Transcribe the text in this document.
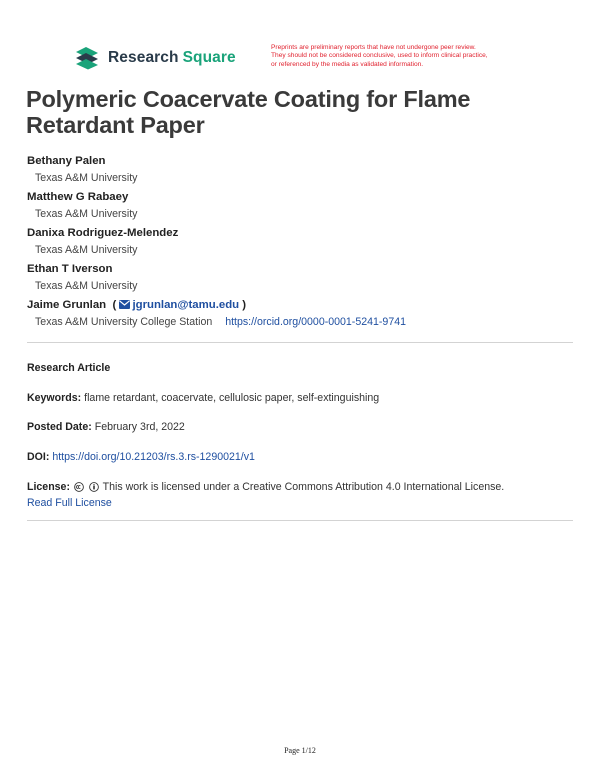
Research Square
Preprints are preliminary reports that have not undergone peer review.
They should not be considered conclusive, used to inform clinical practice,
or referenced by the media as validated information.
Polymeric Coacervate Coating for Flame Retardant Paper
Bethany Palen
Texas A&M University
Matthew G Rabaey
Texas A&M University
Danixa Rodriguez-Melendez
Texas A&M University
Ethan T Iverson
Texas A&M University
Jaime Grunlan  ( jgrunlan@tamu.edu )
Texas A&M University College Station https://orcid.org/0000-0001-5241-9741
Research Article
Keywords: flame retardant, coacervate, cellulosic paper, self-extinguishing
Posted Date: February 3rd, 2022
DOI: https://doi.org/10.21203/rs.3.rs-1290021/v1
License:	This work is licensed under a Creative Commons Attribution 4.0 International License.
Read Full License
Page 1/12
